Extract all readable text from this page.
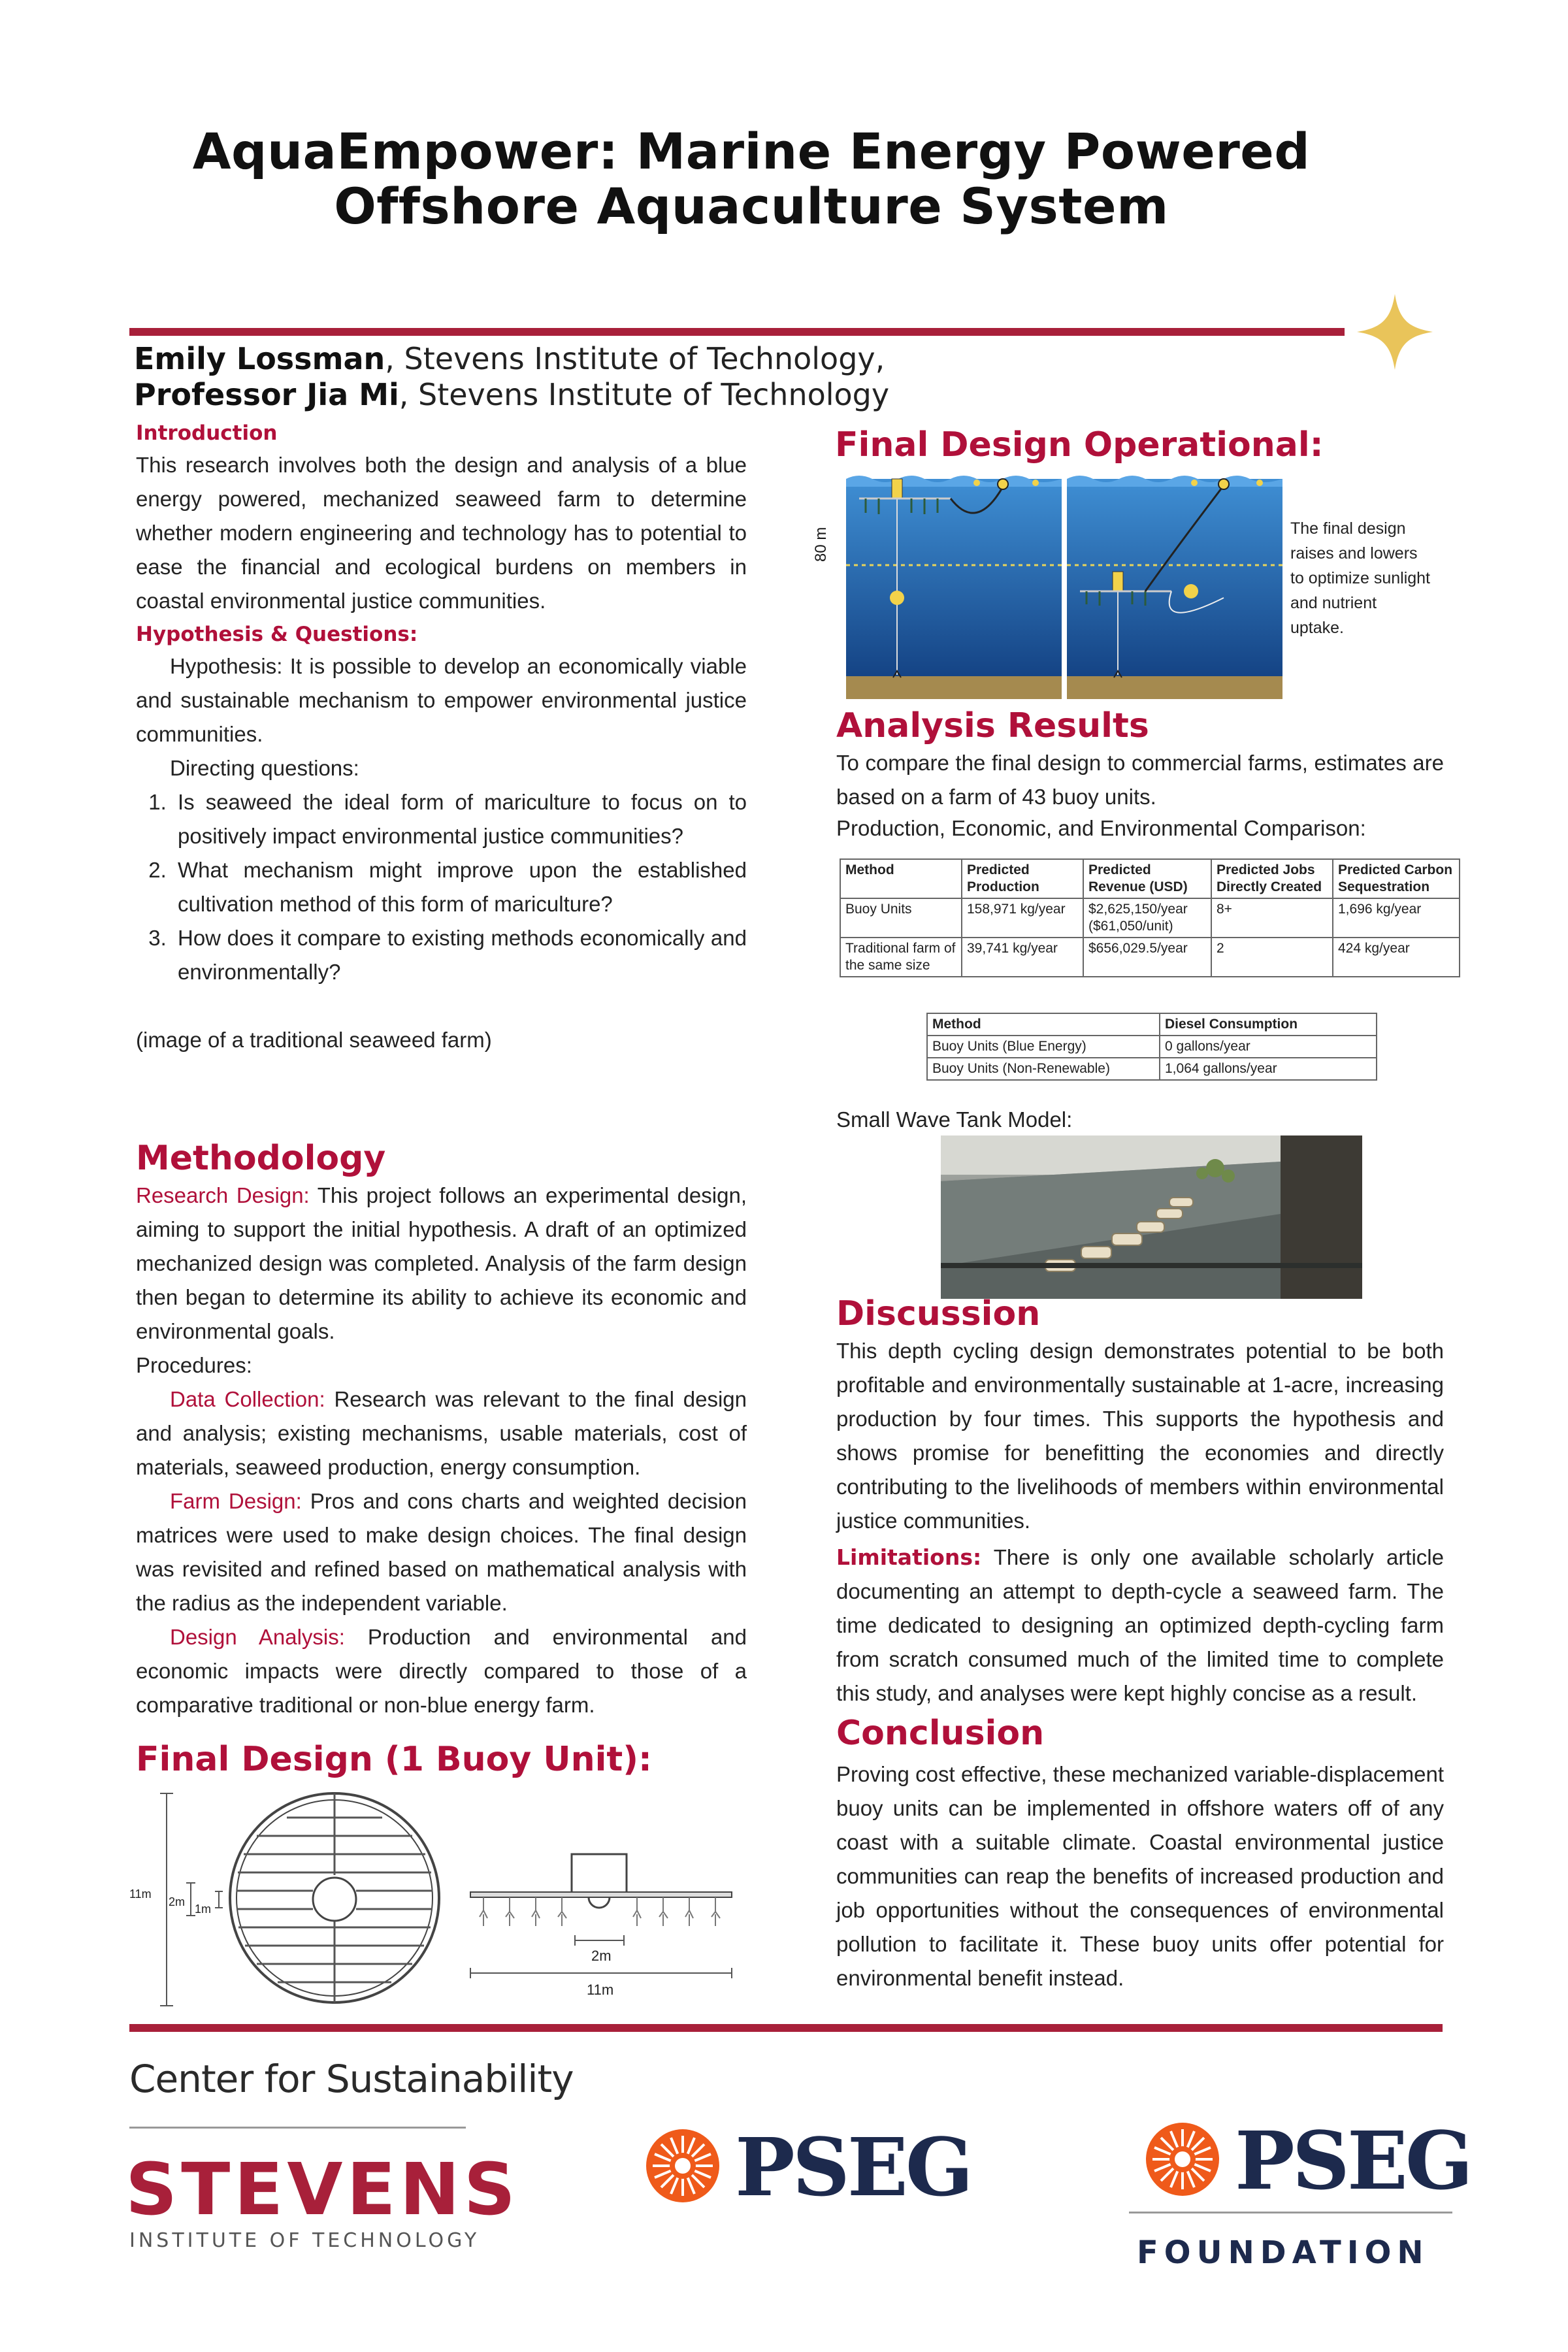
AquaEmpower: Marine Energy Powered
Offshore Aquaculture System
Emily Lossman, Stevens Institute of Technology,
Professor Jia Mi, Stevens Institute of Technology
Introduction
This research involves both the design and analysis of a blue energy powered, mechanized seaweed farm to determine whether modern engineering and technology has to potential to ease the financial and ecological burdens on members in coastal environmental justice communities.
Hypothesis & Questions:
Hypothesis: It is possible to develop an economically viable and sustainable mechanism to empower environmental justice communities.
Directing questions:
1. Is seaweed the ideal form of mariculture to focus on to positively impact environmental justice communities?
2. What mechanism might improve upon the established cultivation method of this form of mariculture?
3. How does it compare to existing methods economically and environmentally?
(image of a traditional seaweed farm)
Methodology
Research Design: This project follows an experimental design, aiming to support the initial hypothesis. A draft of an optimized mechanized design was completed. Analysis of the farm design then began to determine its ability to achieve its economic and environmental goals.
Procedures:
Data Collection: Research was relevant to the final design and analysis; existing mechanisms, usable materials, cost of materials, seaweed production, energy consumption.
Farm Design: Pros and cons charts and weighted decision matrices were used to make design choices. The final design was revisited and refined based on mathematical analysis with the radius as the independent variable.
Design Analysis: Production and environmental and economic impacts were directly compared to those of a comparative traditional or non-blue energy farm.
Final Design (1 Buoy Unit):
11m
2m
1m
2m
11m
Final Design Operational:
80 m	The final design raises and lowers to optimize sunlight and nutrient uptake.
Analysis Results
To compare the final design to commercial farms, estimates are based on a farm of 43 buoy units.
Production, Economic, and Environmental Comparison:
Method	Predicted Production	Predicted Revenue (USD)	Predicted Jobs Directly Created	Predicted Carbon Sequestration
Buoy Units	158,971 kg/year	$2,625,150/year ($61,050/unit)	8+	1,696 kg/year
Traditional farm of the same size	39,741 kg/year	$656,029.5/year	2	424 kg/year
Method	Diesel Consumption
Buoy Units (Blue Energy)	0 gallons/year
Buoy Units (Non-Renewable)	1,064 gallons/year
Small Wave Tank Model:
Discussion
This depth cycling design demonstrates potential to be both profitable and environmentally sustainable at 1-acre, increasing production by four times. This supports the hypothesis and shows promise for benefitting the economies and directly contributing to the livelihoods of members within environmental justice communities.
Limitations: There is only one available scholarly article documenting an attempt to depth-cycle a seaweed farm. The time dedicated to designing an optimized depth-cycling farm from scratch consumed much of the limited time to complete this study, and analyses were kept highly concise as a result.
Conclusion
Proving cost effective, these mechanized variable-displacement buoy units can be implemented in offshore waters off of any coast with a suitable climate. Coastal environmental justice communities can reap the benefits of increased production and job opportunities without the consequences of environmental pollution to facilitate it. These buoy units offer potential for environmental benefit instead.
Center for Sustainability
STEVENS
INSTITUTE OF TECHNOLOGY
PSEG	PSEG
FOUNDATION
